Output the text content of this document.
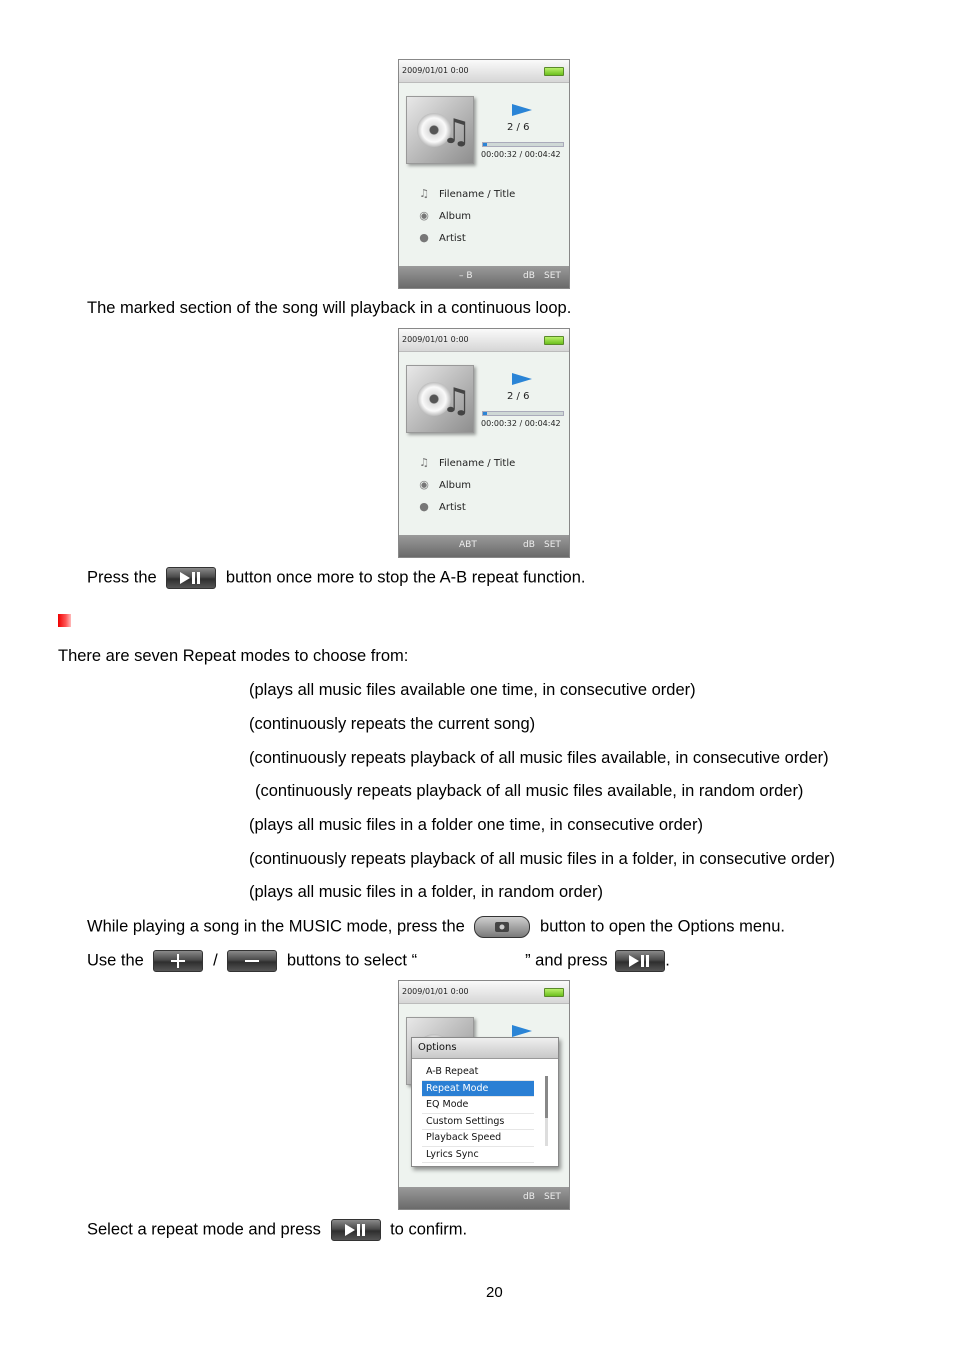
2009/01/01 0:00
♫	2 / 6
00:00:32 / 00:04:42
♫ Filename / Title
◉ Album
● Artist
– B	dB SET
The marked section of the song will playback in a continuous loop.
2009/01/01 0:00
♫	2 / 6
00:00:32 / 00:04:42
♫ Filename / Title
◉ Album
● Artist
ABT	dB SET
Press the	button once more to stop the A-B repeat function.
There are seven Repeat modes to choose from:
(plays all music files available one time, in consecutive order)
(continuously repeats the current song)
(continuously repeats playback of all music files available, in consecutive order)
(continuously repeats playback of all music files available, in random order)
(plays all music files in a folder one time, in consecutive order)
(continuously repeats playback of all music files in a folder, in consecutive order)
(plays all music files in a folder, in random order)
While playing a song in the MUSIC mode, press the	button to open the Options menu.
Use the	/	buttons to select “	” and press	.
2009/01/01 0:00
Options
A-B Repeat
Repeat Mode
EQ Mode
Custom Settings
Playback Speed
Lyrics Sync
dB SET
Select a repeat mode and press	to confirm.
20
